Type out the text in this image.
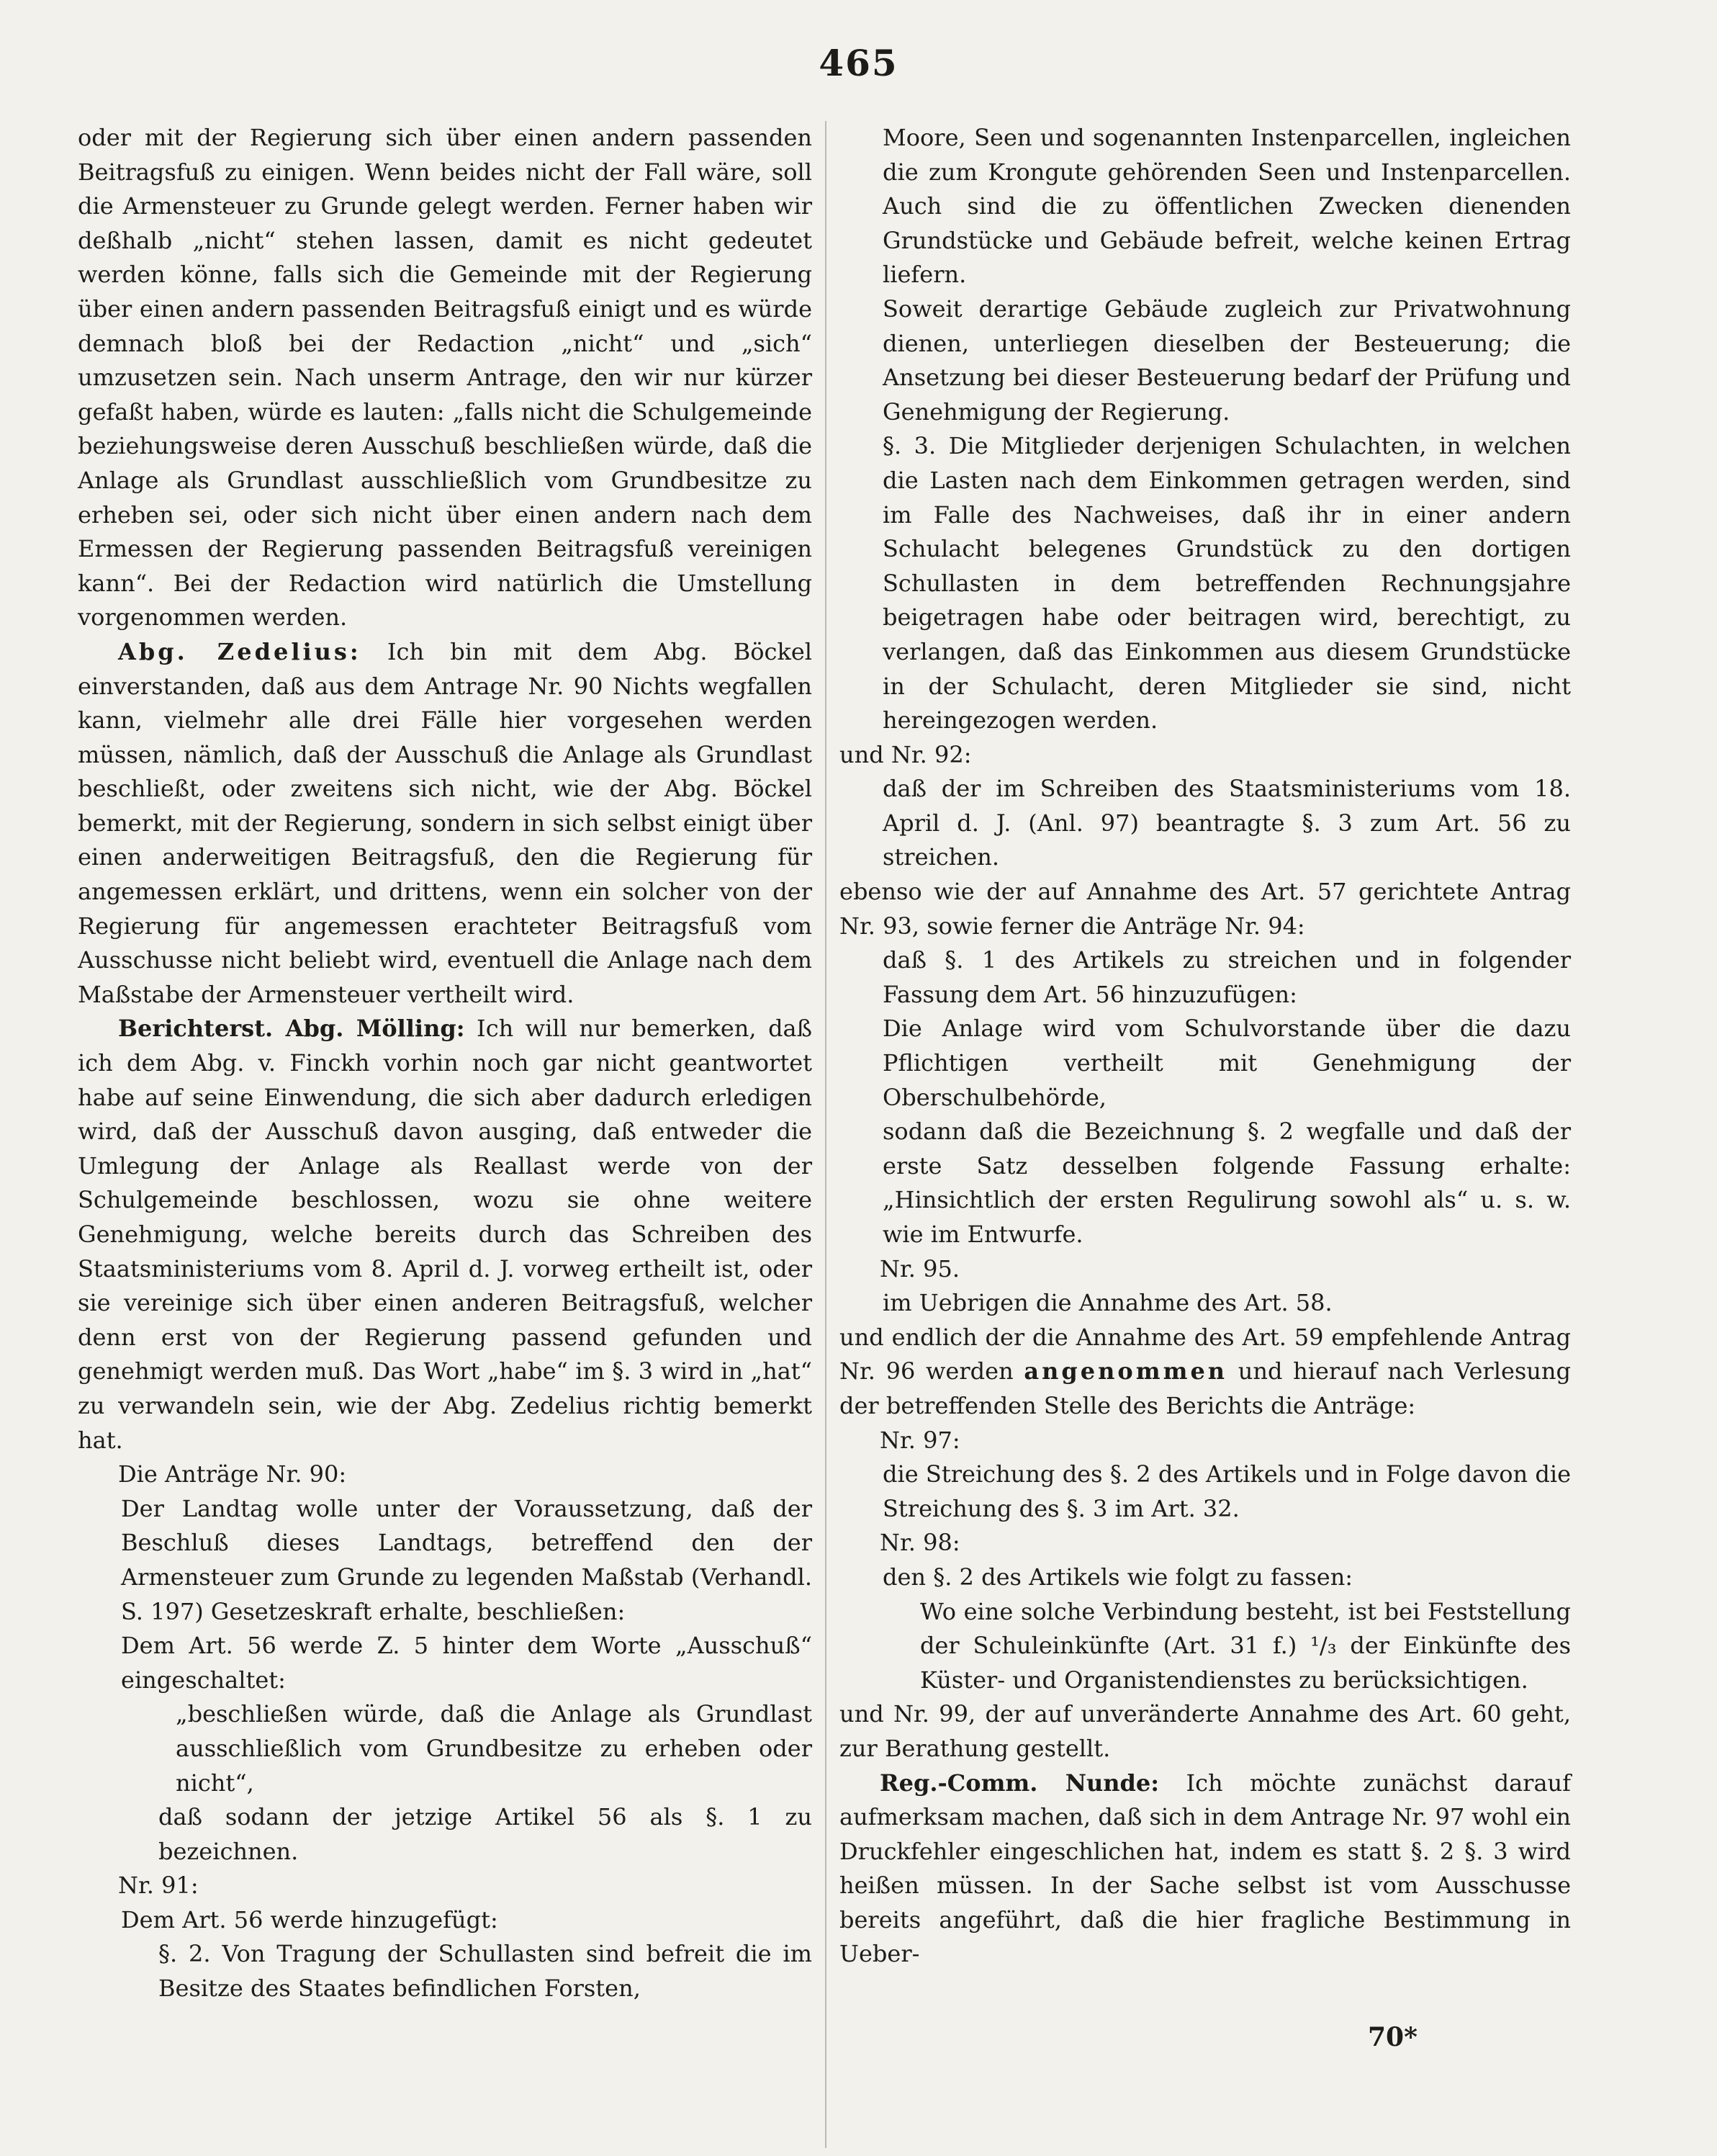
465

oder mit der Regierung sich über einen andern passenden Beitragsfuß zu einigen. Wenn beides nicht der Fall wäre, soll die Armensteuer zu Grunde gelegt werden. Ferner haben wir deßhalb „nicht“ stehen lassen, damit es nicht gedeutet werden könne, falls sich die Gemeinde mit der Regierung über einen andern passenden Beitragsfuß einigt und es würde demnach bloß bei der Redaction „nicht“ und „sich“ umzusetzen sein. Nach unserm Antrage, den wir nur kürzer gefaßt haben, würde es lauten: „falls nicht die Schulgemeinde beziehungsweise deren Ausschuß beschließen würde, daß die Anlage als Grundlast ausschließlich vom Grundbesitze zu erheben sei, oder sich nicht über einen andern nach dem Ermessen der Regierung passenden Beitragsfuß vereinigen kann“. Bei der Redaction wird natürlich die Umstellung vorgenommen werden.

Abg. Zedelius: Ich bin mit dem Abg. Böckel einverstanden, daß aus dem Antrage Nr. 90 Nichts wegfallen kann, vielmehr alle drei Fälle hier vorgesehen werden müssen, nämlich, daß der Ausschuß die Anlage als Grundlast beschließt, oder zweitens sich nicht, wie der Abg. Böckel bemerkt, mit der Regierung, sondern in sich selbst einigt über einen anderweitigen Beitragsfuß, den die Regierung für angemessen erklärt, und drittens, wenn ein solcher von der Regierung für angemessen erachteter Beitragsfuß vom Ausschusse nicht beliebt wird, eventuell die Anlage nach dem Maßstabe der Armensteuer vertheilt wird.

Berichterst. Abg. Mölling: Ich will nur bemerken, daß ich dem Abg. v. Finckh vorhin noch gar nicht geantwortet habe auf seine Einwendung, die sich aber dadurch erledigen wird, daß der Ausschuß davon ausging, daß entweder die Umlegung der Anlage als Reallast werde von der Schulgemeinde beschlossen, wozu sie ohne weitere Genehmigung, welche bereits durch das Schreiben des Staatsministeriums vom 8. April d. J. vorweg ertheilt ist, oder sie vereinige sich über einen anderen Beitragsfuß, welcher denn erst von der Regierung passend gefunden und genehmigt werden muß. Das Wort „habe“ im §. 3 wird in „hat“ zu verwandeln sein, wie der Abg. Zedelius richtig bemerkt hat.

Die Anträge Nr. 90:

Der Landtag wolle unter der Voraussetzung, daß der Beschluß dieses Landtags, betreffend den der Armensteuer zum Grunde zu legenden Maßstab (Verhandl. S. 197) Gesetzeskraft erhalte, beschließen:

Dem Art. 56 werde Z. 5 hinter dem Worte „Ausschuß“ eingeschaltet:

„beschließen würde, daß die Anlage als Grundlast ausschließlich vom Grundbesitze zu erheben oder nicht“,

daß sodann der jetzige Artikel 56 als §. 1 zu bezeichnen.

Nr. 91:

Dem Art. 56 werde hinzugefügt:

§. 2. Von Tragung der Schullasten sind befreit die im Besitze des Staates befindlichen Forsten,

Moore, Seen und sogenannten Instenparcellen, ingleichen die zum Krongute gehörenden Seen und Instenparcellen. Auch sind die zu öffentlichen Zwecken dienenden Grundstücke und Gebäude befreit, welche keinen Ertrag liefern.

Soweit derartige Gebäude zugleich zur Privatwohnung dienen, unterliegen dieselben der Besteuerung; die Ansetzung bei dieser Besteuerung bedarf der Prüfung und Genehmigung der Regierung.

§. 3. Die Mitglieder derjenigen Schulachten, in welchen die Lasten nach dem Einkommen getragen werden, sind im Falle des Nachweises, daß ihr in einer andern Schulacht belegenes Grundstück zu den dortigen Schullasten in dem betreffenden Rechnungsjahre beigetragen habe oder beitragen wird, berechtigt, zu verlangen, daß das Einkommen aus diesem Grundstücke in der Schulacht, deren Mitglieder sie sind, nicht hereingezogen werden.

und Nr. 92:

daß der im Schreiben des Staatsministeriums vom 18. April d. J. (Anl. 97) beantragte §. 3 zum Art. 56 zu streichen.

ebenso wie der auf Annahme des Art. 57 gerichtete Antrag Nr. 93, sowie ferner die Anträge Nr. 94:

daß §. 1 des Artikels zu streichen und in folgender Fassung dem Art. 56 hinzuzufügen:

Die Anlage wird vom Schulvorstande über die dazu Pflichtigen vertheilt mit Genehmigung der Oberschulbehörde,

sodann daß die Bezeichnung §. 2 wegfalle und daß der erste Satz desselben folgende Fassung erhalte: „Hinsichtlich der ersten Regulirung sowohl als“ u. s. w. wie im Entwurfe.

Nr. 95.

im Uebrigen die Annahme des Art. 58.

und endlich der die Annahme des Art. 59 empfehlende Antrag Nr. 96 werden angenommen und hierauf nach Verlesung der betreffenden Stelle des Berichts die Anträge:

Nr. 97:

die Streichung des §. 2 des Artikels und in Folge davon die Streichung des §. 3 im Art. 32.

Nr. 98:

den §. 2 des Artikels wie folgt zu fassen:

Wo eine solche Verbindung besteht, ist bei Feststellung der Schuleinkünfte (Art. 31 f.) ¹/₃ der Einkünfte des Küster- und Organistendienstes zu berücksichtigen.

und Nr. 99, der auf unveränderte Annahme des Art. 60 geht, zur Berathung gestellt.

Reg.-Comm. Nunde: Ich möchte zunächst darauf aufmerksam machen, daß sich in dem Antrage Nr. 97 wohl ein Druckfehler eingeschlichen hat, indem es statt §. 2 §. 3 wird heißen müssen. In der Sache selbst ist vom Ausschusse bereits angeführt, daß die hier fragliche Bestimmung in Ueber-

70*
